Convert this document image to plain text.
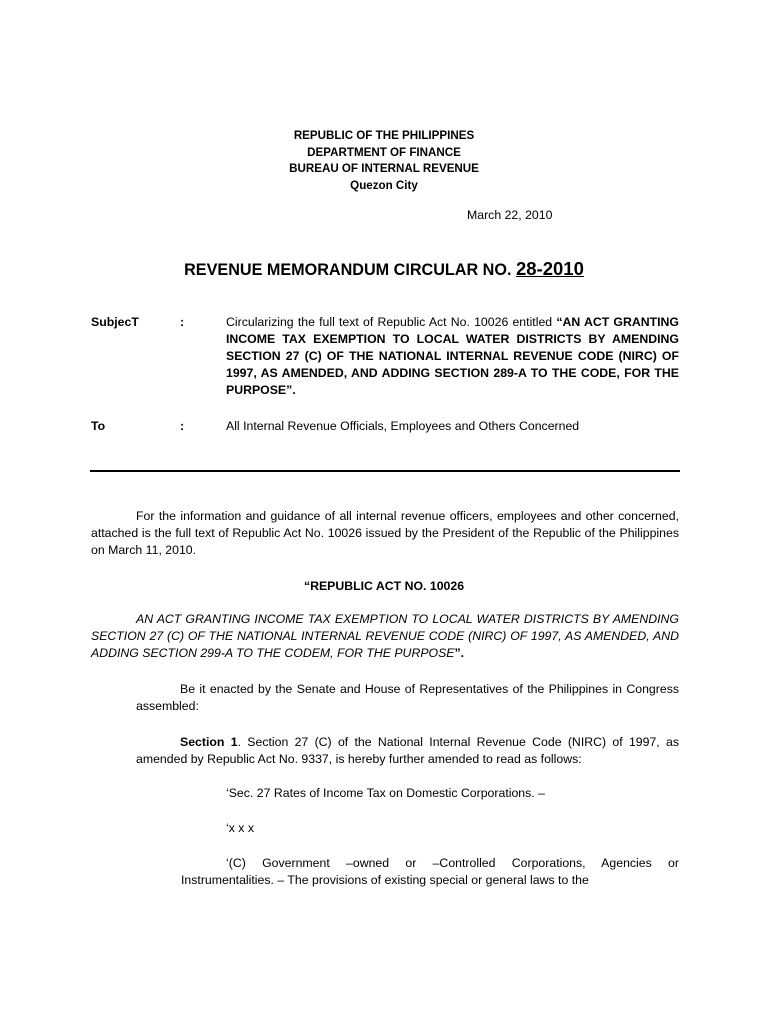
REPUBLIC OF THE PHILIPPINES
DEPARTMENT OF FINANCE
BUREAU OF INTERNAL REVENUE
Quezon City
March 22, 2010
REVENUE MEMORANDUM CIRCULAR NO. 28-2010
SubjecT	:	Circularizing the full text of Republic Act No. 10026 entitled “AN ACT GRANTING INCOME TAX EXEMPTION TO LOCAL WATER DISTRICTS BY AMENDING SECTION 27 (C) OF THE NATIONAL INTERNAL REVENUE CODE (NIRC) OF 1997, AS AMENDED, AND ADDING SECTION 289-A TO THE CODE, FOR THE PURPOSE”.
To	:	All Internal Revenue Officials, Employees and Others Concerned
For the information and guidance of all internal revenue officers, employees and other concerned, attached is the full text of Republic Act No. 10026 issued by the President of the Republic of the Philippines on March 11, 2010.
“REPUBLIC ACT NO. 10026
AN ACT GRANTING INCOME TAX EXEMPTION TO LOCAL WATER DISTRICTS BY AMENDING SECTION 27 (C) OF THE NATIONAL INTERNAL REVENUE CODE (NIRC) OF 1997, AS AMENDED, AND ADDING SECTION 299-A TO THE CODEM, FOR THE PURPOSE”.
Be it enacted by the Senate and House of Representatives of the Philippines in Congress assembled:
Section 1. Section 27 (C) of the National Internal Revenue Code (NIRC) of 1997, as amended by Republic Act No. 9337, is hereby further amended to read as follows:
‘Sec. 27 Rates of Income Tax on Domestic Corporations. –
‘x x x
‘(C) Government –owned or –Controlled Corporations, Agencies or Instrumentalities. – The provisions of existing special or general laws to the
